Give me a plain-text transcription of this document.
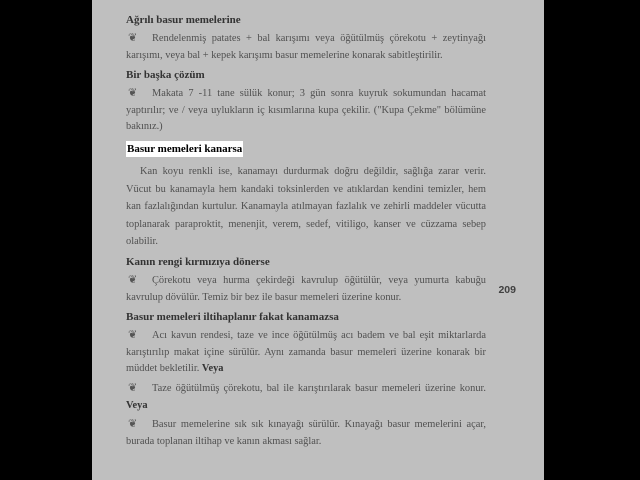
Ağrılı basur memelerine
❦	Rendelenmiş patates + bal karışımı veya öğütülmüş çörekotu + zeytinyağı karışımı, veya bal + kepek karışımı basur memelerine konarak sabitleştirilir.
Bir başka çözüm
❦	Makata 7 -11 tane sülük konur; 3 gün sonra kuyruk sokumundan hacamat yaptırılır; ve / veya uylukların iç kısımlarına kupa çekilir. ("Kupa Çekme" bölümüne bakınız.)
Basur memeleri kanarsa
Kan koyu renkli ise, kanamayı durdurmak doğru değildir, sağlığa zarar verir. Vücut bu kanamayla hem kandaki toksinlerden ve atıklardan kendini temizler, hem kan fazlalığından kurtulur. Kanamayla atılmayan fazlalık ve zehirli maddeler vücutta toplanarak paraproktit, menenjit, verem, sedef, vitiligo, kanser ve cüzzama sebep olabilir.
Kanın rengi kırmızıya dönerse
❦	Çörekotu veya hurma çekirdeği kavrulup öğütülür, veya yumurta kabuğu kavrulup dövülür. Temiz bir bez ile basur memeleri üzerine konur.
Basur memeleri iltihaplanır fakat kanamazsa
❦	Acı kavun rendesi, taze ve ince öğütülmüş acı badem ve bal eşit miktarlarda karıştırılıp makat içine sürülür. Aynı zamanda basur memeleri üzerine konarak bir müddet bekletilir. Veya
❦	Taze öğütülmüş çörekotu, bal ile karıştırılarak basur memeleri üzerine konur. Veya
❦	Basur memelerine sık sık kınayağı sürülür. Kınayağı basur memelerini açar, burada toplanan iltihap ve kanın akması sağlar.
209
